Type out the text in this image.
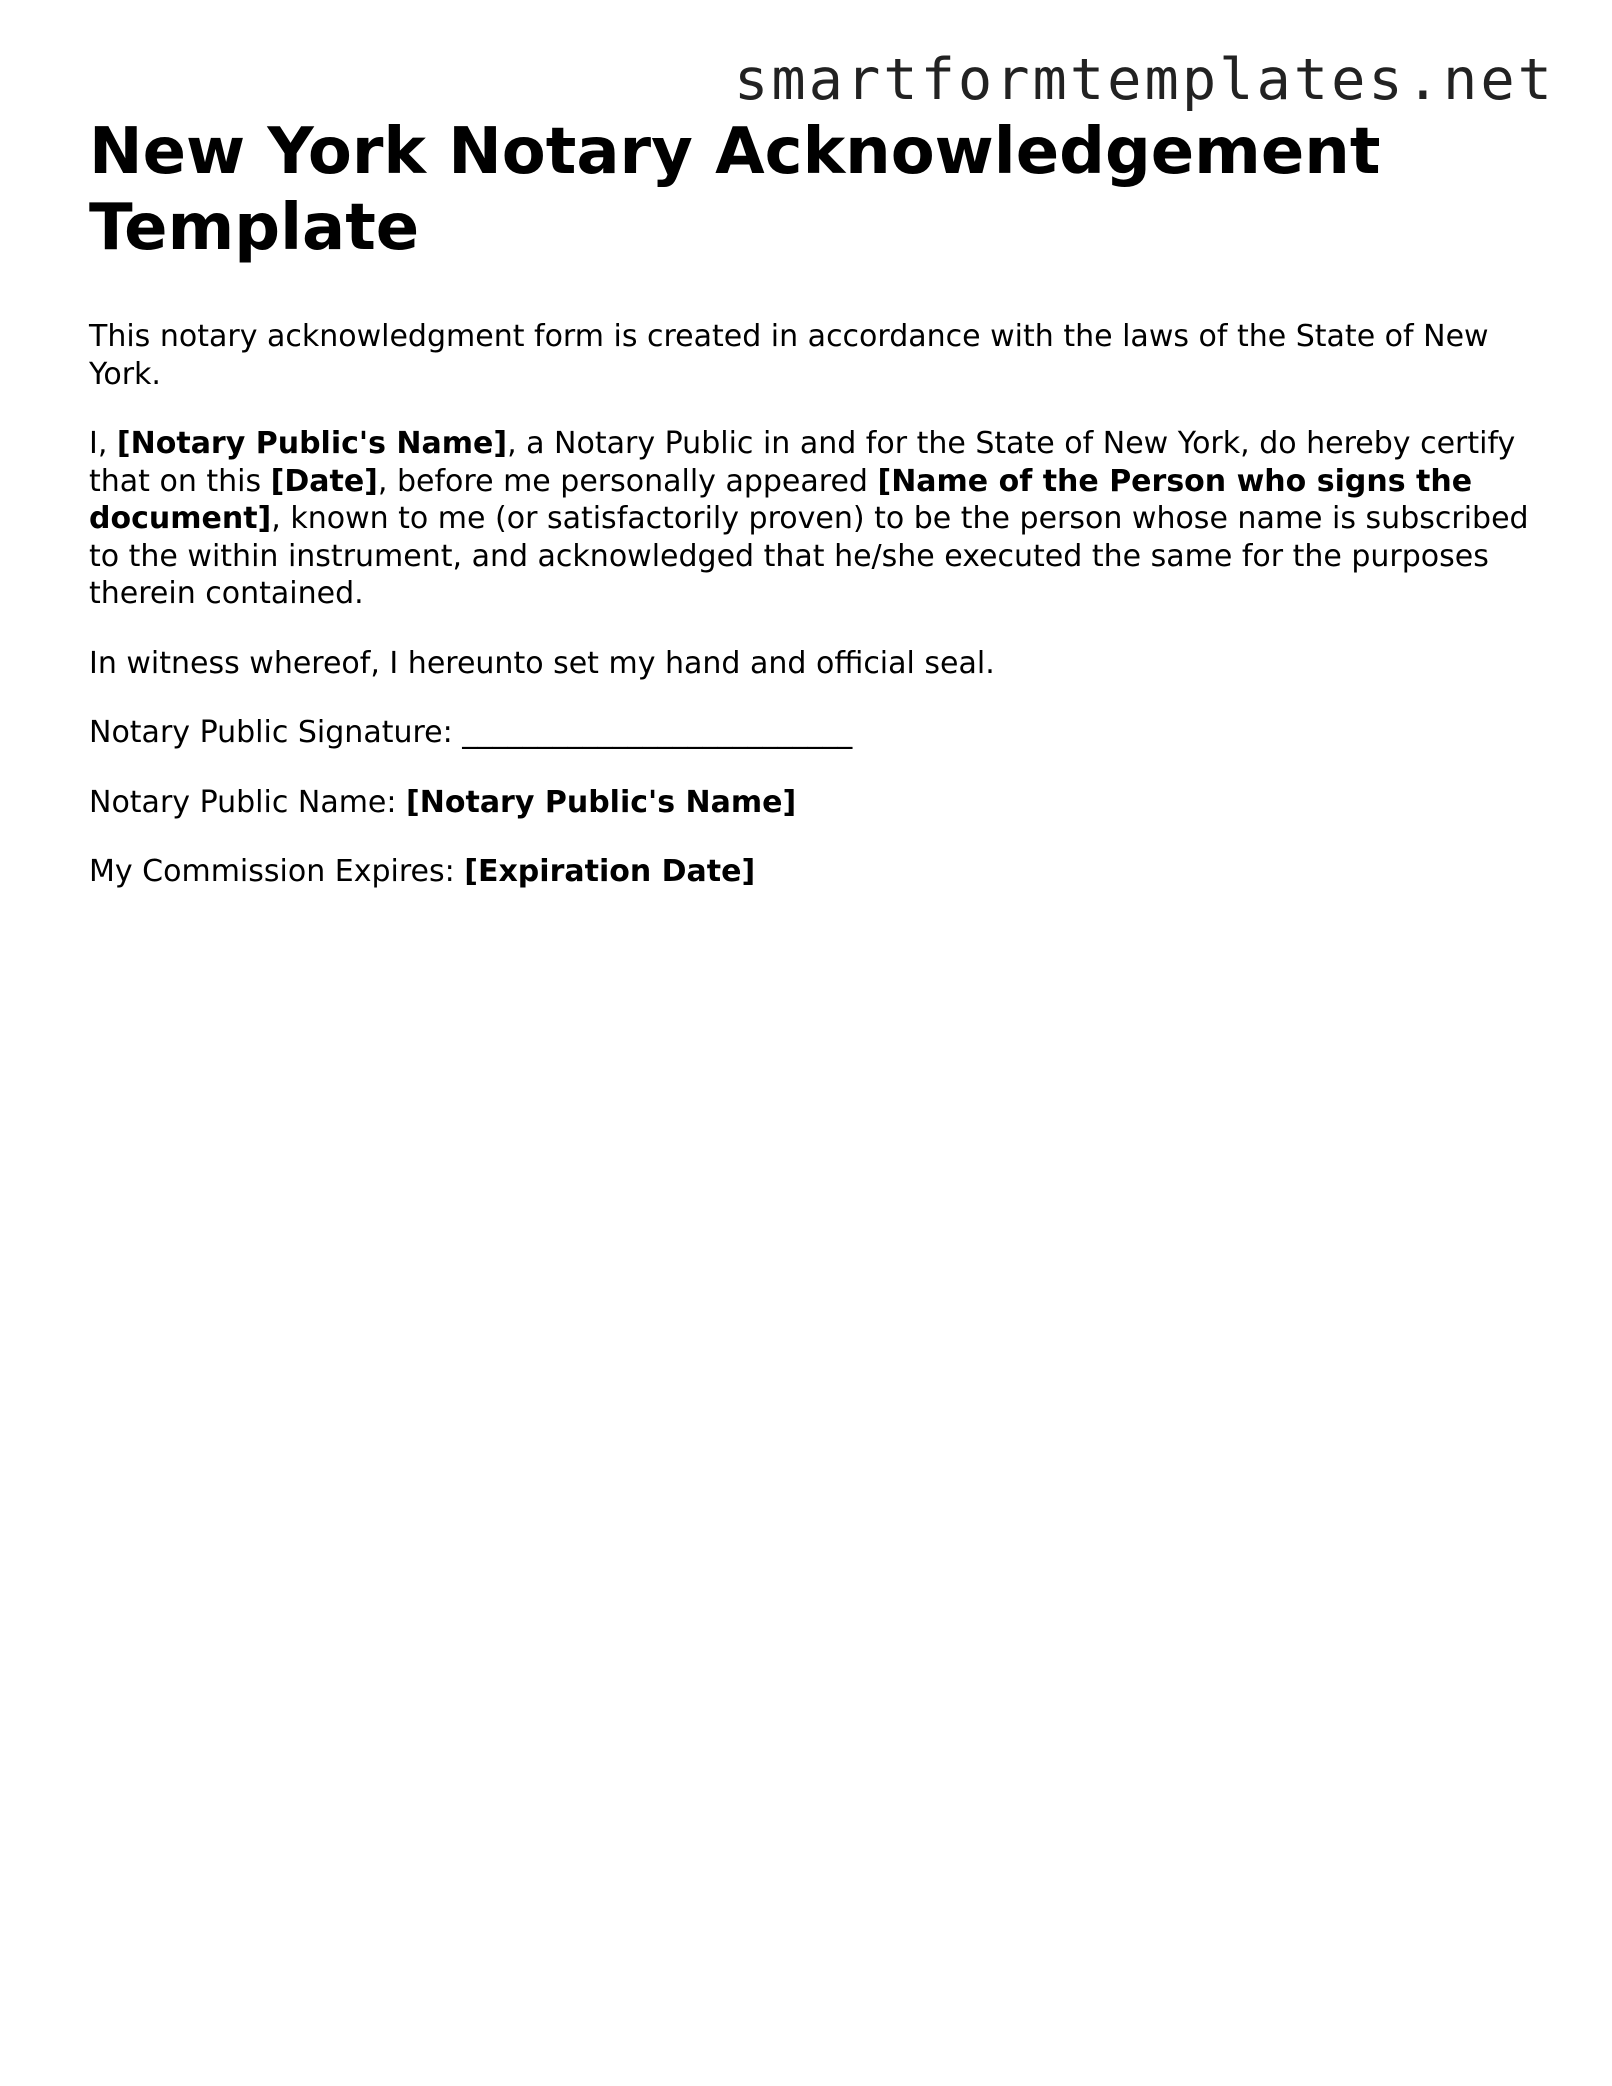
smartformtemplates.net
New York Notary Acknowledgement Template

This notary acknowledgment form is created in accordance with the laws of the State of New York.

I, [Notary Public's Name], a Notary Public in and for the State of New York, do hereby certify that on this [Date], before me personally appeared [Name of the Person who signs the document], known to me (or satisfactorily proven) to be the person whose name is subscribed to the within instrument, and acknowledged that he/she executed the same for the purposes therein contained.

In witness whereof, I hereunto set my hand and official seal.

Notary Public Signature: __________________________

Notary Public Name: [Notary Public's Name]

My Commission Expires: [Expiration Date]
